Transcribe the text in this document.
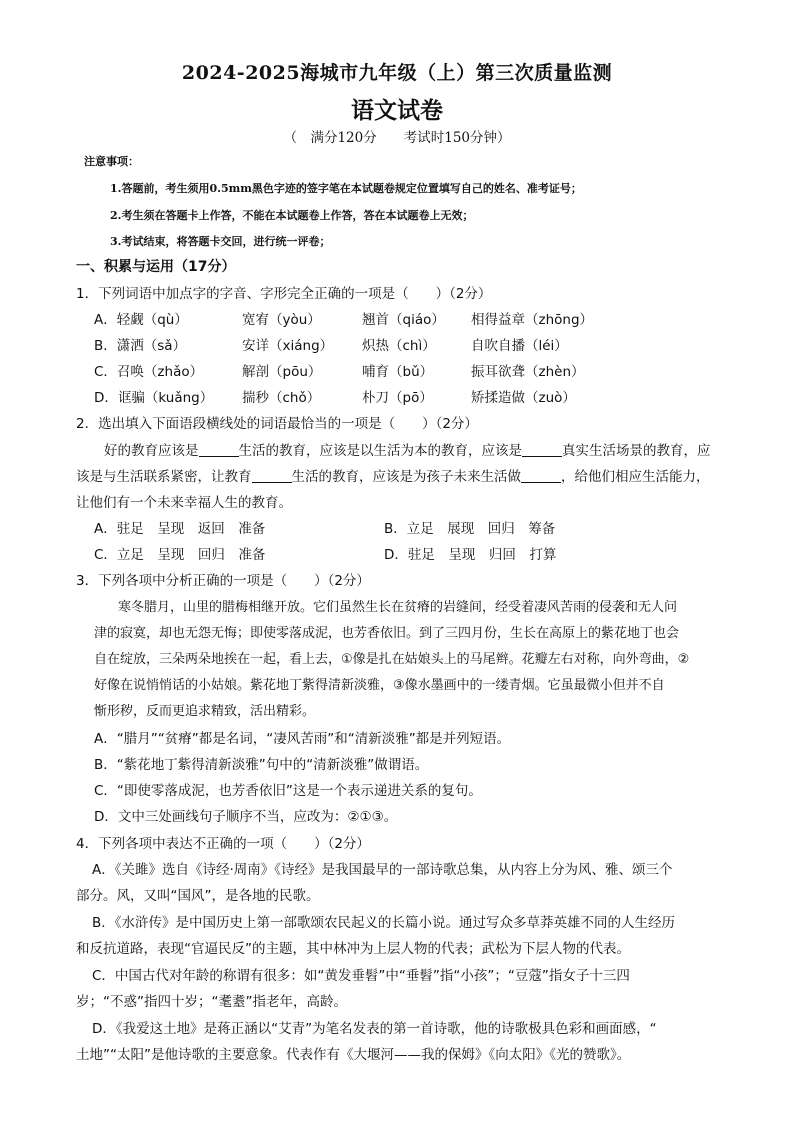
2024-2025海城市九年级（上）第三次质量监测
语文试卷
（　满分120分　　考试时150分钟）
注意事项：
1.答题前，考生须用0.5mm黑色字迹的签字笔在本试题卷规定位置填写自己的姓名、准考证号；
2.考生须在答题卡上作答，不能在本试题卷上作答，答在本试题卷上无效；
3.考试结束，将答题卡交回，进行统一评卷；
一、积累与运用（17分）
1．下列词语中加点字的字音、字形完全正确的一项是（　　）（2分）
A．轻觑（qù）	宽宥（yòu）	翘首（qiáo） 相得益章（zhōng）
B．潇洒（sǎ）	安详（xiáng） 炽热（chì）	自吹自播（léi）
C．召唤（zhǎo）	解剖（pōu）	哺育（bǔ）	振耳欲聋（zhèn）
D．诓骗（kuǎng） 揣秒（chǒ）	朴刀（pō）	矫揉造做（zuò）
2．选出填入下面语段横线处的词语最恰当的一项是（　　）（2分）
好的教育应该是	生活的教育，应该是以生活为本的教育，应该是	真实生活场景的教育，应
该是与生活联系紧密，让教育	生活的教育，应该是为孩子未来生活做	，给他们相应生活能力，
让他们有一个未来幸福人生的教育。
A．驻足　呈现　返回　准备	B．立足　展现　回归　筹备
C．立足　呈现　回归　准备	D．驻足　呈现　归回　打算
3．下列各项中分析正确的一项是（　　）（2分）
寒冬腊月，山里的腊梅相继开放。它们虽然生长在贫瘠的岩缝间，经受着凄风苦雨的侵袭和无人问
津的寂寞，却也无怨无悔；即使零落成泥，也芳香依旧。到了三四月份，生长在高原上的紫花地丁也会
自在绽放，三朵两朵地挨在一起，看上去，①像是扎在姑娘头上的马尾辫。花瓣左右对称，向外弯曲，②
好像在说悄悄话的小姑娘。紫花地丁紫得清新淡雅，③像水墨画中的一缕青烟。它虽最微小但并不自
惭形秽，反而更追求精致，活出精彩。
A．“腊月”“贫瘠”都是名词，“凄风苦雨”和“清新淡雅”都是并列短语。
B．“紫花地丁紫得清新淡雅”句中的“清新淡雅”做谓语。
C．“即使零落成泥，也芳香依旧”这是一个表示递进关系的复句。
D．文中三处画线句子顺序不当，应改为：②①③。
4．下列各项中表达不正确的一项（　　）（2分）
A．《关雎》选自《诗经·周南》《诗经》是我国最早的一部诗歌总集，从内容上分为风、雅、颂三个
部分。风，又叫“国风”，是各地的民歌。
B．《水浒传》是中国历史上第一部歌颂农民起义的长篇小说。通过写众多草莽英雄不同的人生经历
和反抗道路，表现“官逼民反”的主题，其中林冲为上层人物的代表；武松为下层人物的代表。
C．中国古代对年龄的称谓有很多：如“黄发垂髫”中“垂髫”指“小孩”；“豆蔻”指女子十三四
岁；“不惑”指四十岁；“耄耋”指老年，高龄。
D．《我爱这土地》是蒋正涵以“艾青”为笔名发表的第一首诗歌，他的诗歌极具色彩和画面感，“
土地”“太阳”是他诗歌的主要意象。代表作有《大堰河——我的保姆》《向太阳》《光的赞歌》。
